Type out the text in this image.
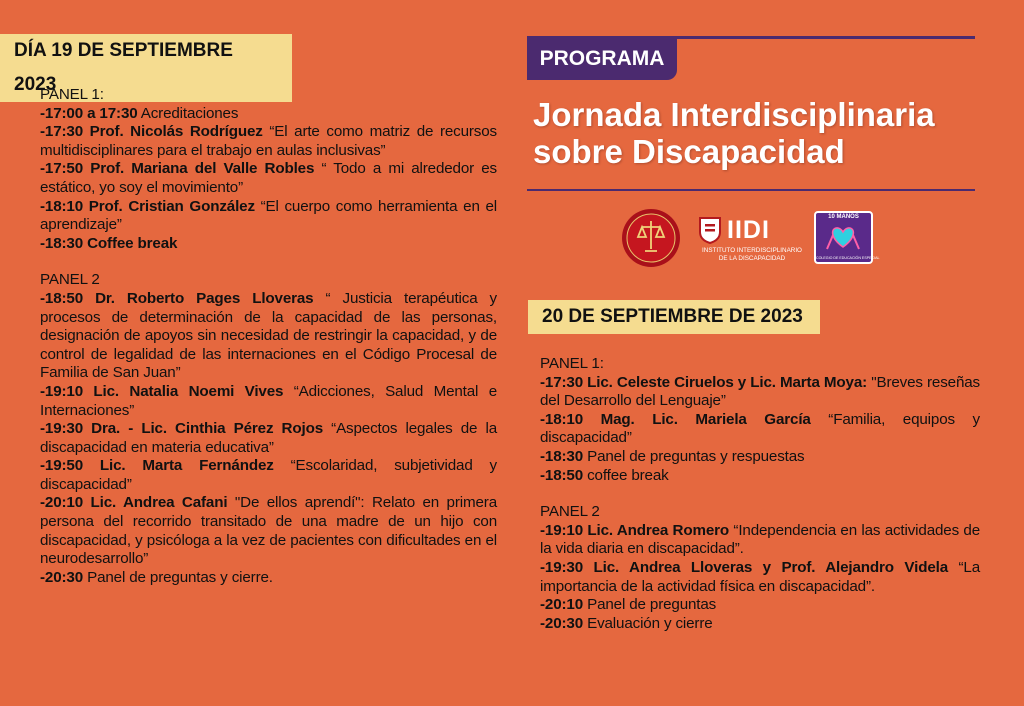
DÍA 19 DE SEPTIEMBRE 2023

PANEL 1:

-17:00 a 17:30 Acreditaciones

-17:30 Prof. Nicolás Rodríguez “El arte como matriz de recursos multidisciplinares para el trabajo en aulas inclusivas”

-17:50 Prof. Mariana del Valle Robles “ Todo a mi alrededor es estático, yo soy el movimiento”

-18:10 Prof. Cristian González “El cuerpo como herramienta en el aprendizaje”

-18:30 Coffee break

PANEL 2

-18:50 Dr. Roberto Pages Lloveras “ Justicia terapéutica y procesos de determinación de la capacidad de las personas, designación de apoyos sin necesidad de restringir la capacidad, y de control de legalidad de las internaciones en el Código Procesal de Familia de San Juan”

-19:10 Lic. Natalia Noemi Vives “Adicciones, Salud Mental e Internaciones”

-19:30 Dra. - Lic. Cinthia Pérez Rojos “Aspectos legales de la discapacidad en materia educativa”

-19:50 Lic. Marta Fernández “Escolaridad, subjetividad y discapacidad”

-20:10 Lic. Andrea Cafani "De ellos aprendí": Relato en primera persona del recorrido transitado de una madre de un hijo con discapacidad, y psicóloga a la vez de pacientes con dificultades en el neurodesarrollo”

-20:30 Panel de preguntas y cierre.

PROGRAMA
Jornada Interdisciplinaria sobre Discapacidad
IIDI
INSTITUTO INTERDISCIPLINARIO
DE LA DISCAPACIDAD
10 MANOS
COLEGIO DE EDUCACIÓN ESPECIAL
20 DE SEPTIEMBRE DE 2023

PANEL 1:

-17:30 Lic. Celeste Ciruelos y Lic. Marta Moya: "Breves reseñas del Desarrollo del Lenguaje”

-18:10 Mag. Lic. Mariela García “Familia, equipos y discapacidad”

-18:30 Panel de preguntas y respuestas

-18:50 coffee break

PANEL 2

-19:10 Lic. Andrea Romero “Independencia en las actividades de la vida diaria en discapacidad”.

-19:30 Lic. Andrea Lloveras y Prof. Alejandro Videla “La importancia de la actividad física en discapacidad”.

-20:10 Panel de preguntas

-20:30 Evaluación y cierre
